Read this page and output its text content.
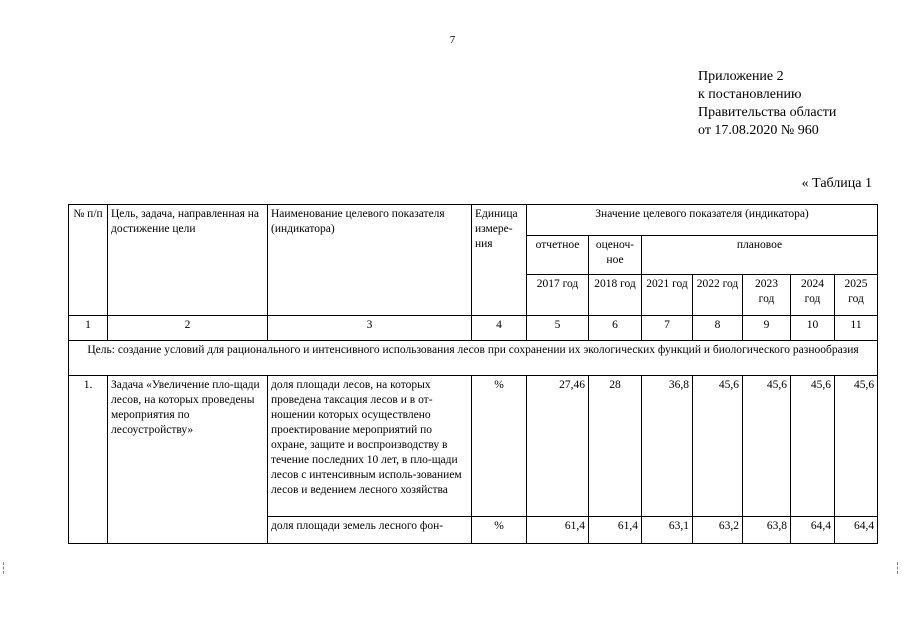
7
Приложение 2
к постановлению
Правительства области
от 17.08.2020 № 960
« Таблица 1
№ п/п	Цель, задача, направленная на достижение цели	Наименование целевого показателя (индикатора)	Единица измере-ния	Значение целевого показателя (индикатора)						
				отчетное	оценоч-ное	плановое				
				2017 год	2018 год	2021 год	2022 год	2023 год	2024 год	2025 год
1	2	3	4	5	6	7	8	9	10	11
Цель: создание условий для рационального и интенсивного использования лесов при сохранении их экологических функций и биологического разнообразия										
1.	Задача «Увеличение пло-щади лесов, на которых проведены мероприятия по лесоустройству»	доля площади лесов, на которых проведена таксация лесов и в от-ношении которых осуществлено проектирование мероприятий по охране, защите и воспроизводству в течение последних 10 лет, в пло-щади лесов с интенсивным исполь-зованием лесов и ведением лесного хозяйства	%	27,46	28	36,8	45,6	45,6	45,6	45,6
		доля площади земель лесного фон-	%	61,4	61,4	63,1	63,2	63,8	64,4	64,4
